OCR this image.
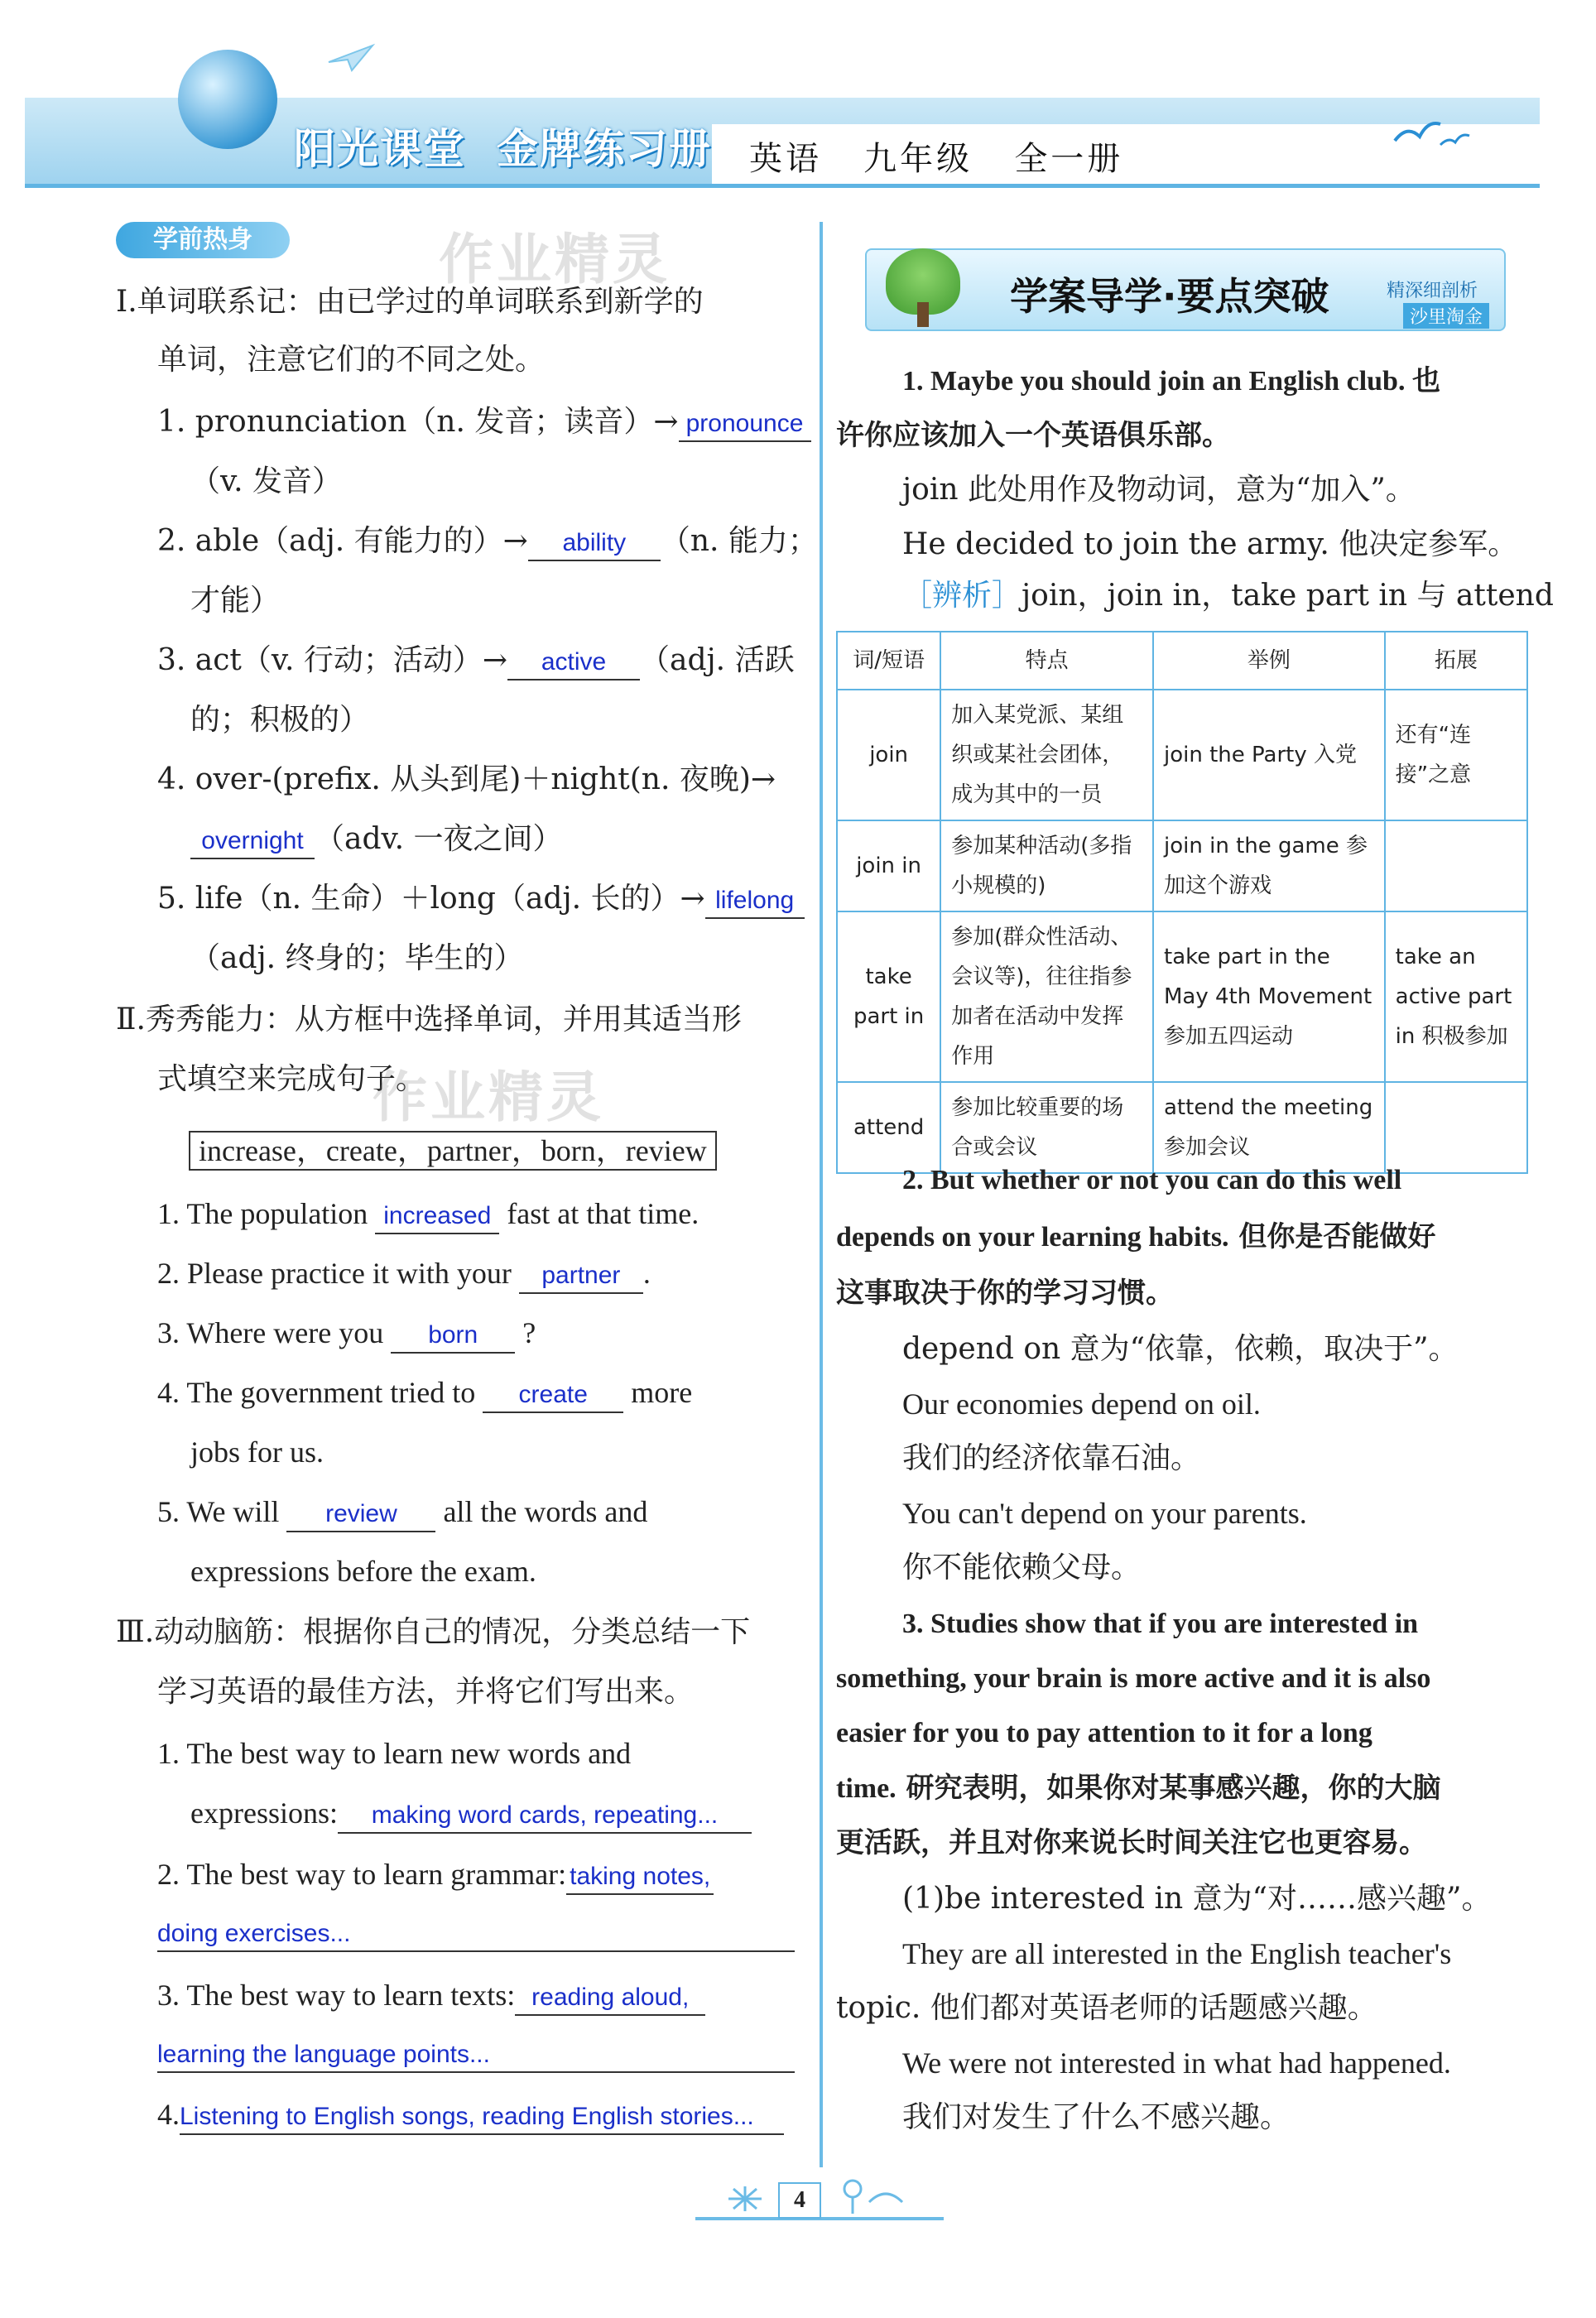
阳光课堂 金牌练习册 英语 九年级 全一册
学前热身	作业精灵
Ⅰ.单词联系记：由已学过的单词联系到新学的
单词，注意它们的不同之处。
1. pronunciation（n. 发音；读音）→ pronounce
（v. 发音）
2. able（adj. 有能力的）→ ability （n. 能力；
才能）
3. act（v. 行动；活动）→ active （adj. 活跃
的；积极的）
4. over-(prefix. 从头到尾)＋night(n. 夜晚)→
overnight （adv. 一夜之间）
5. life（n. 生命）＋long（adj. 长的）→ lifelong
（adj. 终身的；毕生的）
Ⅱ.秀秀能力：从方框中选择单词，并用其适当形
式填空来完成句子。
作业精灵
increase，create，partner，born，review
1. The population increased fast at that time.
2. Please practice it with your partner .
3. Where were you born ?
4. The government tried to create more
jobs for us.
5. We will review all the words and
expressions before the exam.
Ⅲ.动动脑筋：根据你自己的情况，分类总结一下
学习英语的最佳方法，并将它们写出来。
1. The best way to learn new words and
expressions: making word cards, repeating...
2. The best way to learn grammar: taking notes,
doing exercises...
3. The best way to learn texts: reading aloud,
learning the language points...
4.Listening to English songs, reading English stories...
学案导学·要点突破	精深细剖析
沙里淘金
1. Maybe you should join an English club. 也
许你应该加入一个英语俱乐部。
join 此处用作及物动词，意为“加入”。
He decided to join the army. 他决定参军。
［辨析］join，join in，take part in 与 attend
词/短语	特点	举例	拓展
join	加入某党派、某组织或某社会团体，成为其中的一员	join the Party 入党	还有“连接”之意
join in	参加某种活动(多指小规模的)	join in the game 参加这个游戏	
take part in	参加(群众性活动、会议等)，往往指参加者在活动中发挥作用	take part in the May 4th Movement 参加五四运动	take an active part in 积极参加
attend	参加比较重要的场合或会议	attend the meeting 参加会议	
2. But whether or not you can do this well
depends on your learning habits. 但你是否能做好
这事取决于你的学习习惯。
depend on 意为“依靠，依赖，取决于”。
Our economies depend on oil.
我们的经济依靠石油。
You can't depend on your parents.
你不能依赖父母。
3. Studies show that if you are interested in
something, your brain is more active and it is also
easier for you to pay attention to it for a long
time. 研究表明，如果你对某事感兴趣，你的大脑
更活跃，并且对你来说长时间关注它也更容易。
(1)be interested in 意为“对……感兴趣”。
They are all interested in the English teacher's
topic. 他们都对英语老师的话题感兴趣。
We were not interested in what had happened.
我们对发生了什么不感兴趣。
4
